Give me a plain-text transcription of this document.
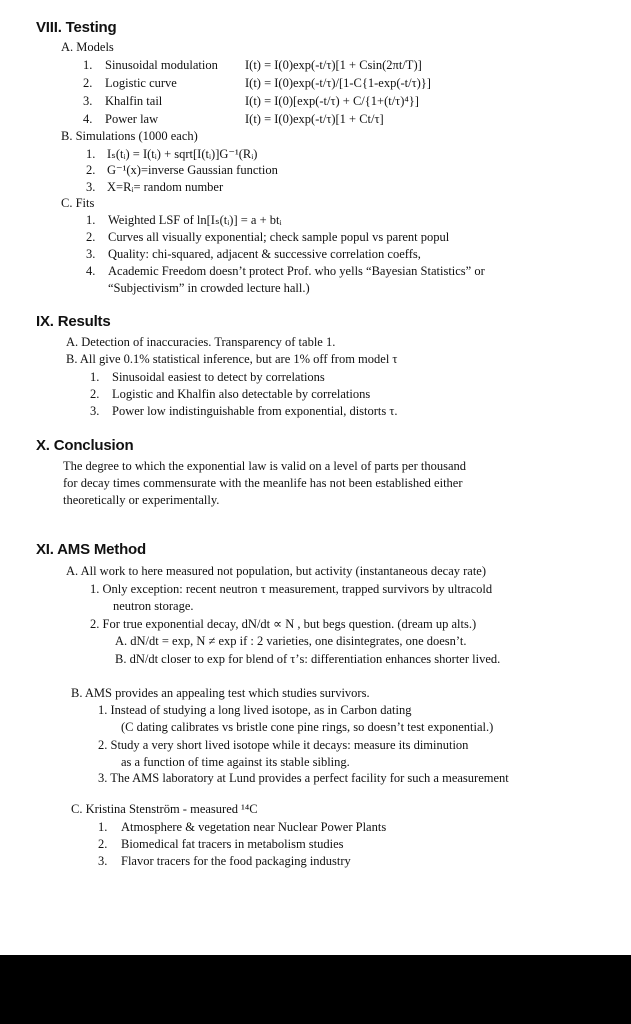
VIII. Testing
A. Models
1. Sinusoidal modulation I(t) = I(0)exp(-t/τ)[1 + Csin(2πt/T)]
2. Logistic curve	I(t) = I(0)exp(-t/τ)/[1-C{1-exp(-t/τ)}]
3. Khalfin tail	I(t) = I(0)[exp(-t/τ) + C/{1+(t/τ)⁴}]
4. Power law	I(t) = I(0)exp(-t/τ)[1 + Ct/τ]
B. Simulations (1000 each)
1. Iₛ(tᵢ) = I(tᵢ) + sqrt[I(tᵢ)]G⁻¹(Rᵢ)
2. G⁻¹(x)=inverse Gaussian function
3. X=Rᵢ= random number
C. Fits
1. Weighted LSF of ln[Iₛ(tᵢ)] = a + btᵢ
2. Curves all visually exponential; check sample popul vs parent popul
3. Quality: chi-squared, adjacent & successive correlation coeffs,
4. Academic Freedom doesn’t protect Prof. who yells “Bayesian Statistics” or
“Subjectivism” in crowded lecture hall.)
IX. Results
A. Detection of inaccuracies. Transparency of table 1.
B. All give 0.1% statistical inference, but are 1% off from model τ
1. Sinusoidal easiest to detect by correlations
2. Logistic and Khalfin also detectable by correlations
3. Power low indistinguishable from exponential, distorts τ.
X. Conclusion
The degree to which the exponential law is valid on a level of parts per thousand
for decay times commensurate with the meanlife has not been established either
theoretically or experimentally.
XI. AMS Method
A. All work to here measured not population, but activity (instantaneous decay rate)
1. Only exception: recent neutron τ measurement, trapped survivors by ultracold
neutron storage.
2. For true exponential decay, dN/dt ∝ N , but begs question. (dream up alts.)
A. dN/dt = exp, N ≠ exp if : 2 varieties, one disintegrates, one doesn’t.
B. dN/dt closer to exp for blend of τ’s: differentiation enhances shorter lived.
B. AMS provides an appealing test which studies survivors.
1. Instead of studying a long lived isotope, as in Carbon dating
(C dating calibrates vs bristle cone pine rings, so doesn’t test exponential.)
2. Study a very short lived isotope while it decays: measure its diminution
as a function of time against its stable sibling.
3. The AMS laboratory at Lund provides a perfect facility for such a measurement
C. Kristina Stenström - measured ¹⁴C
1. Atmosphere & vegetation near Nuclear Power Plants
2. Biomedical fat tracers in metabolism studies
3. Flavor tracers for the food packaging industry
